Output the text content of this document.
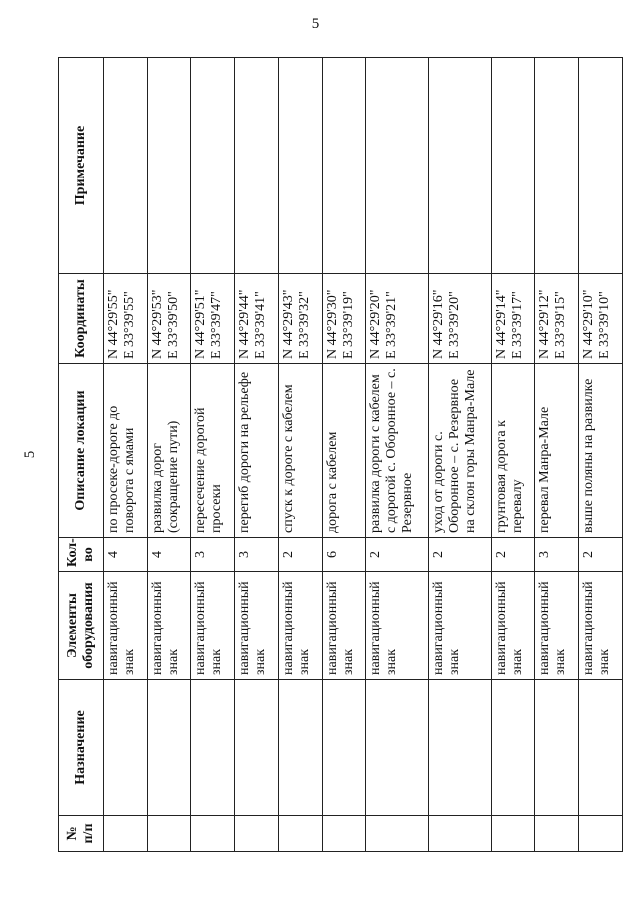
5
5
№ п/п	Назначение	Элементы оборудования	Кол-во	Описание локации	Координаты	Примечание
		навигационный знак	4	по просеке-дороге до поворота с ямами	N 44°29'55" E 33°39'55"	

		навигационный знак	4	развилка дорог (сокращение пути)	N 44°29'53" E 33°39'50"	

		навигационный знак	3	пересечение дорогой просеки	N 44°29'51" E 33°39'47"	

		навигационный знак	3	перегиб дороги на рельефе	N 44°29'44" E 33°39'41"	

		навигационный знак	2	спуск к дороге с кабелем	N 44°29'43" E 33°39'32"	

		навигационный знак	6	дорога с кабелем	N 44°29'30" E 33°39'19"	

		навигационный знак	2	развилка дороги с кабелем с дорогой с. Оборонное – с. Резервное	N 44°29'20" E 33°39'21"	

		навигационный знак	2	уход от дороги с. Оборонное – с. Резервное на склон горы Манра-Мале	N 44°29'16" E 33°39'20"	

		навигационный знак	2	грунтовая дорога к перевалу	N 44°29'14" E 33°39'17"	

		навигационный знак	3	перевал Манра-Мале	N 44°29'12" E 33°39'15"	

		навигационный знак	2	выше поляны на развилке	N 44°29'10" E 33°39'10"	
